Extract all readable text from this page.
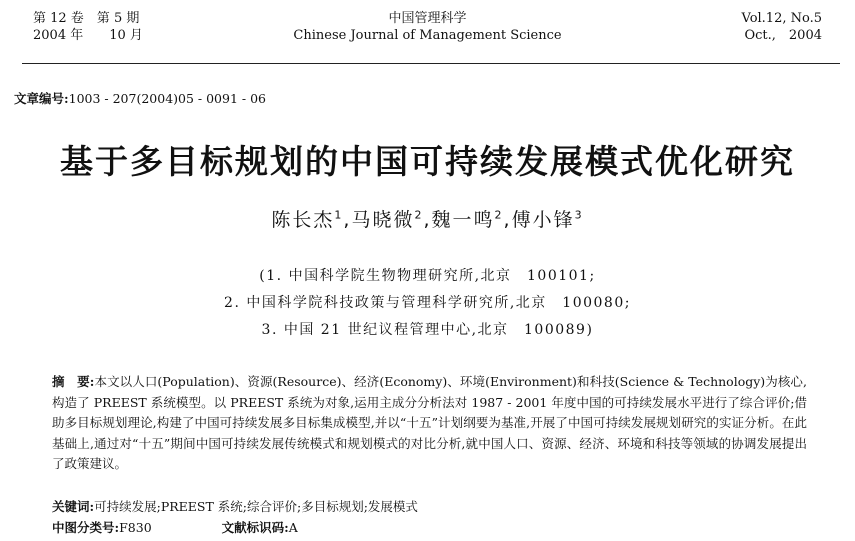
第 12 卷　第 5 期
2004 年　　10 月
中国管理科学
Chinese Journal of Management Science
Vol.12, No.5
Oct.,　2004
文章编号:1003 - 207(2004)05 - 0091 - 06
基于多目标规划的中国可持续发展模式优化研究
陈长杰$^1$,马晓微$^2$,魏一鸣$^2$,傅小锋$^3$
(1. 中国科学院生物物理研究所,北京　100101;
2. 中国科学院科技政策与管理科学研究所,北京　100080;
3. 中国 21 世纪议程管理中心,北京　100089)
摘　要:本文以人口(Population)、资源(Resource)、经济(Economy)、环境(Environment)和科技(Science & Technology)为核心,构造了 PREEST 系统模型。以 PREEST 系统为对象,运用主成分分析法对 1987 - 2001 年度中国的可持续发展水平进行了综合评价;借助多目标规划理论,构建了中国可持续发展多目标集成模型,并以“十五”计划纲要为基准,开展了中国可持续发展规划研究的实证分析。在此基础上,通过对“十五”期间中国可持续发展传统模式和规划模式的对比分析,就中国人口、资源、经济、环境和科技等领域的协调发展提出了政策建议。
关键词:可持续发展;PREEST 系统;综合评价;多目标规划;发展模式
中图分类号:F830	文献标识码:A
